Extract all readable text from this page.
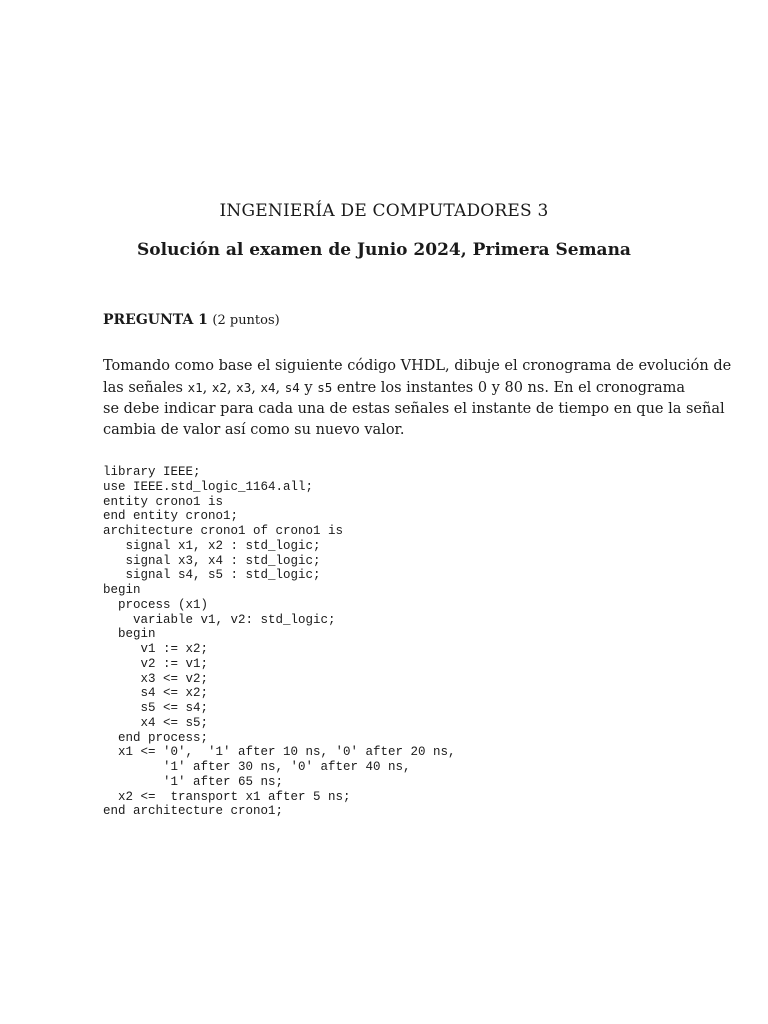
INGENIERÍA DE COMPUTADORES 3
Solución al examen de Junio 2024, Primera Semana

PREGUNTA 1 (2 puntos)

Tomando como base el siguiente código VHDL, dibuje el cronograma de evolución de
las señales x1, x2, x3, x4, s4 y s5 entre los instantes 0 y 80 ns. En el cronograma
se debe indicar para cada una de estas señales el instante de tiempo en que la señal
cambia de valor así como su nuevo valor.

library IEEE;
use IEEE.std_logic_1164.all;
entity crono1 is
end entity crono1;
architecture crono1 of crono1 is
signal x1, x2 : std_logic;
signal x3, x4 : std_logic;
signal s4, s5 : std_logic;
begin
process (x1)
variable v1, v2: std_logic;
begin
v1 := x2;
v2 := v1;
x3 <= v2;
s4 <= x2;
s5 <= s4;
x4 <= s5;
end process;
x1 <= '0',  '1' after 10 ns, '0' after 20 ns,
'1' after 30 ns, '0' after 40 ns,
'1' after 65 ns;
x2 <=  transport x1 after 5 ns;
end architecture crono1;
